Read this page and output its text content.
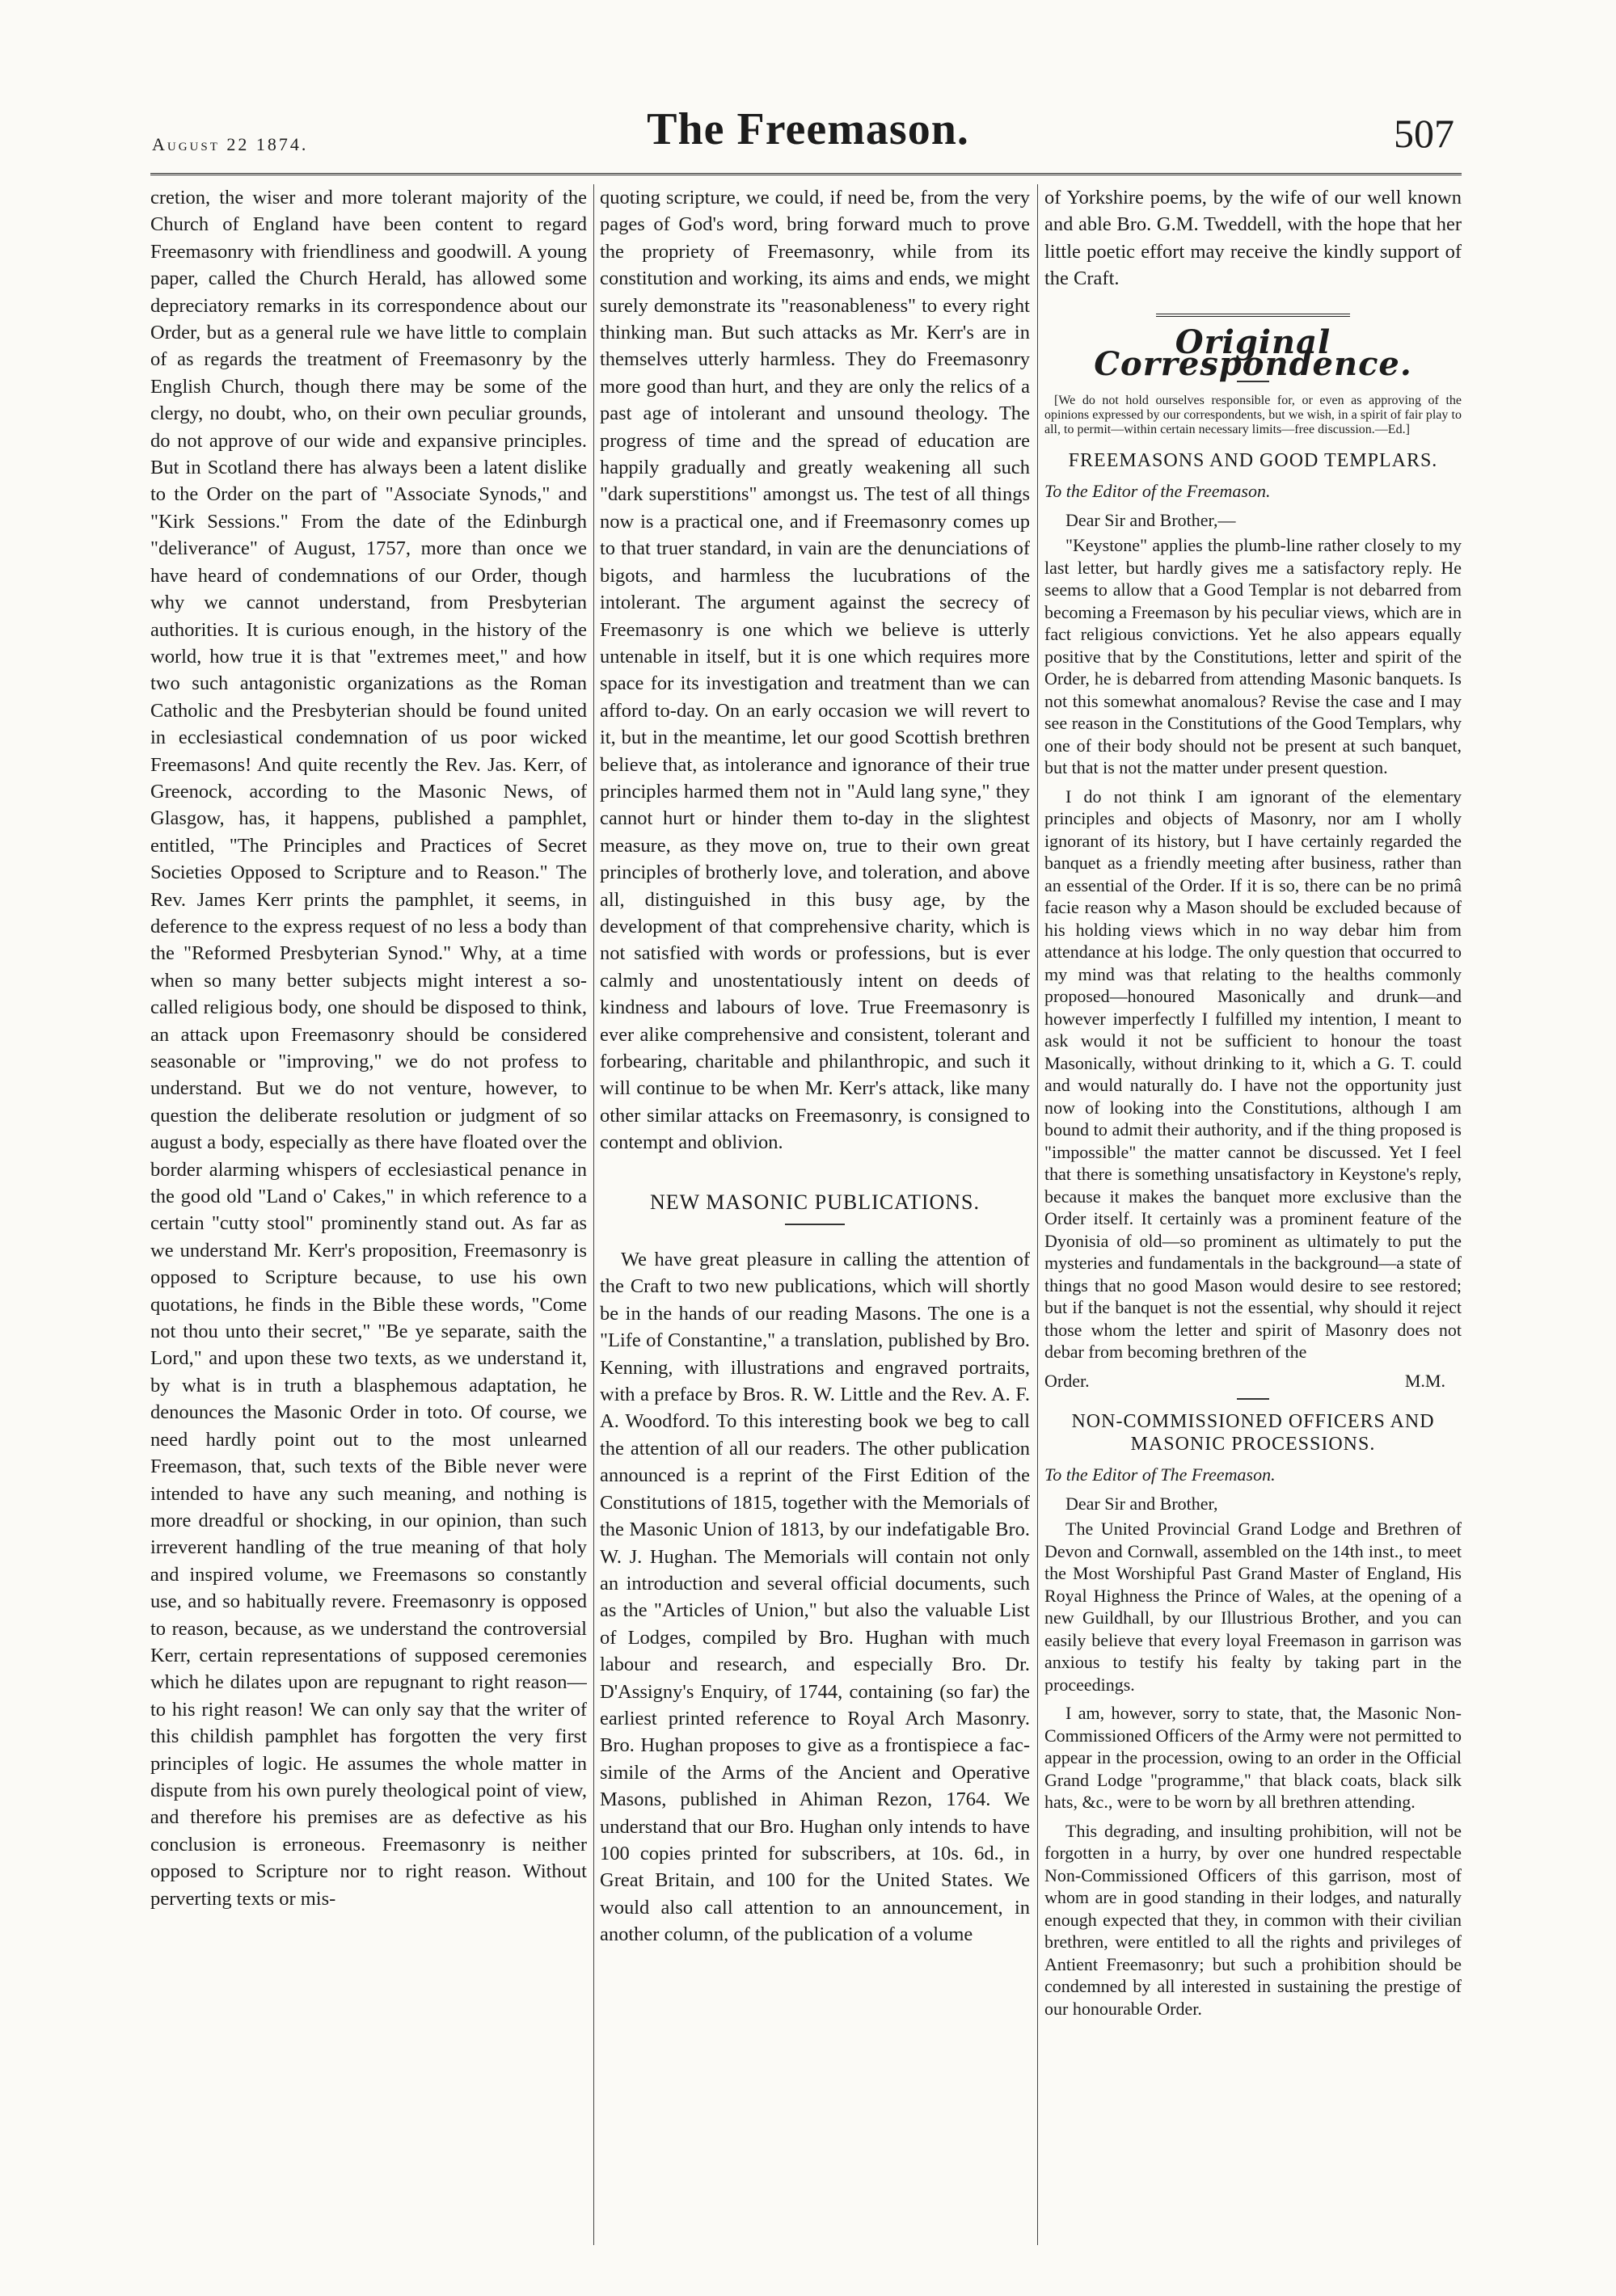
August 22 1874.	The Freemason.	507

cretion, the wiser and more tolerant majority of the Church of England have been content to regard Freemasonry with friendliness and goodwill. A young paper, called the Church Herald, has allowed some depreciatory remarks in its correspondence about our Order, but as a general rule we have little to complain of as regards the treatment of Freemasonry by the English Church, though there may be some of the clergy, no doubt, who, on their own peculiar grounds, do not approve of our wide and expansive principles. But in Scotland there has always been a latent dislike to the Order on the part of "Associate Synods," and "Kirk Sessions." From the date of the Edinburgh "deliverance" of August, 1757, more than once we have heard of condemnations of our Order, though why we cannot understand, from Presbyterian authorities. It is curious enough, in the history of the world, how true it is that "extremes meet," and how two such antagonistic organizations as the Roman Catholic and the Presbyterian should be found united in ecclesiastical condemnation of us poor wicked Freemasons! And quite recently the Rev. Jas. Kerr, of Greenock, according to the Masonic News, of Glasgow, has, it happens, published a pamphlet, entitled, "The Principles and Practices of Secret Societies Opposed to Scripture and to Reason." The Rev. James Kerr prints the pamphlet, it seems, in deference to the express request of no less a body than the "Reformed Presbyterian Synod." Why, at a time when so many better subjects might interest a so-called religious body, one should be disposed to think, an attack upon Freemasonry should be considered seasonable or "improving," we do not profess to understand. But we do not venture, however, to question the deliberate resolution or judgment of so august a body, especially as there have floated over the border alarming whispers of ecclesiastical penance in the good old "Land o' Cakes," in which reference to a certain "cutty stool" prominently stand out. As far as we understand Mr. Kerr's proposition, Freemasonry is opposed to Scripture because, to use his own quotations, he finds in the Bible these words, "Come not thou unto their secret," "Be ye separate, saith the Lord," and upon these two texts, as we understand it, by what is in truth a blasphemous adaptation, he denounces the Masonic Order in toto. Of course, we need hardly point out to the most unlearned Freemason, that, such texts of the Bible never were intended to have any such meaning, and nothing is more dreadful or shocking, in our opinion, than such irreverent handling of the true meaning of that holy and inspired volume, we Freemasons so constantly use, and so habitually revere. Freemasonry is opposed to reason, because, as we understand the controversial Kerr, certain representations of supposed ceremonies which he dilates upon are repugnant to right reason—to his right reason! We can only say that the writer of this childish pamphlet has forgotten the very first principles of logic. He assumes the whole matter in dispute from his own purely theological point of view, and therefore his premises are as defective as his conclusion is erroneous. Freemasonry is neither opposed to Scripture nor to right reason. Without perverting texts or mis-

quoting scripture, we could, if need be, from the very pages of God's word, bring forward much to prove the propriety of Freemasonry, while from its constitution and working, its aims and ends, we might surely demonstrate its "reasonableness" to every right thinking man. But such attacks as Mr. Kerr's are in themselves utterly harmless. They do Freemasonry more good than hurt, and they are only the relics of a past age of intolerant and unsound theology. The progress of time and the spread of education are happily gradually and greatly weakening all such "dark superstitions" amongst us. The test of all things now is a practical one, and if Freemasonry comes up to that truer standard, in vain are the denunciations of bigots, and harmless the lucubrations of the intolerant. The argument against the secrecy of Freemasonry is one which we believe is utterly untenable in itself, but it is one which requires more space for its investigation and treatment than we can afford to-day. On an early occasion we will revert to it, but in the meantime, let our good Scottish brethren believe that, as intolerance and ignorance of their true principles harmed them not in "Auld lang syne," they cannot hurt or hinder them to-day in the slightest measure, as they move on, true to their own great principles of brotherly love, and toleration, and above all, distinguished in this busy age, by the development of that comprehensive charity, which is not satisfied with words or professions, but is ever calmly and unostentatiously intent on deeds of kindness and labours of love. True Freemasonry is ever alike comprehensive and consistent, tolerant and forbearing, charitable and philanthropic, and such it will continue to be when Mr. Kerr's attack, like many other similar attacks on Freemasonry, is consigned to contempt and oblivion.

NEW MASONIC PUBLICATIONS.

We have great pleasure in calling the attention of the Craft to two new publications, which will shortly be in the hands of our reading Masons. The one is a "Life of Constantine," a translation, published by Bro. Kenning, with illustrations and engraved portraits, with a preface by Bros. R. W. Little and the Rev. A. F. A. Woodford. To this interesting book we beg to call the attention of all our readers. The other publication announced is a reprint of the First Edition of the Constitutions of 1815, together with the Memorials of the Masonic Union of 1813, by our indefatigable Bro. W. J. Hughan. The Memorials will contain not only an introduction and several official documents, such as the "Articles of Union," but also the valuable List of Lodges, compiled by Bro. Hughan with much labour and research, and especially Bro. Dr. D'Assigny's Enquiry, of 1744, containing (so far) the earliest printed reference to Royal Arch Masonry. Bro. Hughan proposes to give as a frontispiece a fac-simile of the Arms of the Ancient and Operative Masons, published in Ahiman Rezon, 1764. We understand that our Bro. Hughan only intends to have 100 copies printed for subscribers, at 10s. 6d., in Great Britain, and 100 for the United States. We would also call attention to an announcement, in another column, of the publication of a volume

of Yorkshire poems, by the wife of our well known and able Bro. G.M. Tweddell, with the hope that her little poetic effort may receive the kindly support of the Craft.

Original Correspondence.
[We do not hold ourselves responsible for, or even as approving of the opinions expressed by our correspondents, but we wish, in a spirit of fair play to all, to permit—within certain necessary limits—free discussion.—Ed.]
FREEMASONS AND GOOD TEMPLARS.

To the Editor of the Freemason.

Dear Sir and Brother,—

"Keystone" applies the plumb-line rather closely to my last letter, but hardly gives me a satisfactory reply. He seems to allow that a Good Templar is not debarred from becoming a Freemason by his peculiar views, which are in fact religious convictions. Yet he also appears equally positive that by the Constitutions, letter and spirit of the Order, he is debarred from attending Masonic banquets. Is not this somewhat anomalous? Revise the case and I may see reason in the Constitutions of the Good Templars, why one of their body should not be present at such banquet, but that is not the matter under present question.

I do not think I am ignorant of the elementary principles and objects of Masonry, nor am I wholly ignorant of its history, but I have certainly regarded the banquet as a friendly meeting after business, rather than an essential of the Order. If it is so, there can be no primâ facie reason why a Mason should be excluded because of his holding views which in no way debar him from attendance at his lodge. The only question that occurred to my mind was that relating to the healths commonly proposed—honoured Masonically and drunk—and however imperfectly I fulfilled my intention, I meant to ask would it not be sufficient to honour the toast Masonically, without drinking to it, which a G. T. could and would naturally do. I have not the opportunity just now of looking into the Constitutions, although I am bound to admit their authority, and if the thing proposed is "impossible" the matter cannot be discussed. Yet I feel that there is something unsatisfactory in Keystone's reply, because it makes the banquet more exclusive than the Order itself. It certainly was a prominent feature of the Dyonisia of old—so prominent as ultimately to put the mysteries and fundamentals in the background—a state of things that no good Mason would desire to see restored; but if the banquet is not the essential, why should it reject those whom the letter and spirit of Masonry does not debar from becoming brethren of the

Order.	M.M.

NON-COMMISSIONED OFFICERS AND MASONIC PROCESSIONS.

To the Editor of The Freemason.

Dear Sir and Brother,

The United Provincial Grand Lodge and Brethren of Devon and Cornwall, assembled on the 14th inst., to meet the Most Worshipful Past Grand Master of England, His Royal Highness the Prince of Wales, at the opening of a new Guildhall, by our Illustrious Brother, and you can easily believe that every loyal Freemason in garrison was anxious to testify his fealty by taking part in the proceedings.

I am, however, sorry to state, that, the Masonic Non-Commissioned Officers of the Army were not permitted to appear in the procession, owing to an order in the Official Grand Lodge "programme," that black coats, black silk hats, &c., were to be worn by all brethren attending.

This degrading, and insulting prohibition, will not be forgotten in a hurry, by over one hundred respectable Non-Commissioned Officers of this garrison, most of whom are in good standing in their lodges, and naturally enough expected that they, in common with their civilian brethren, were entitled to all the rights and privileges of Antient Freemasonry; but such a prohibition should be condemned by all interested in sustaining the prestige of our honourable Order.
